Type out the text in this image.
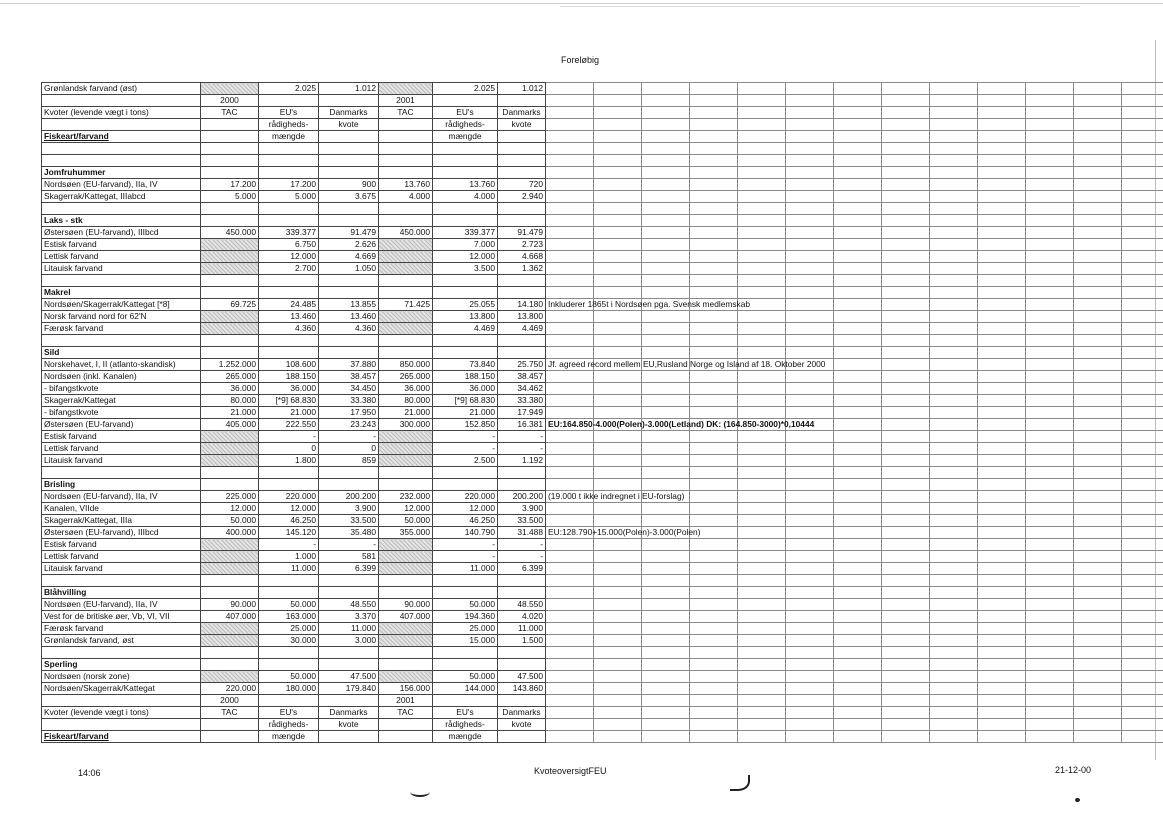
Foreløbig
Grønlandsk farvand (øst)		2.025	1.012		2.025	1.012														
	2000			2001																
Kvoter (levende vægt i tons)	TAC	EU's	Danmarks	TAC	EU's	Danmarks														
		rådigheds-	kvote		rådigheds-	kvote														
Fiskeart/farvand		mængde			mængde															

Jomfruhummer																				
Nordsøen (EU-farvand), IIa, IV	17.200	17.200	900	13.760	13.760	720														
Skagerrak/Kattegat, IIIabcd	5.000	5.000	3.675	4.000	4.000	2.940														

Laks - stk																				
Østersøen (EU-farvand), IIIbcd	450.000	339.377	91.479	450.000	339.377	91.479														
Estisk farvand		6.750	2.626		7.000	2.723														
Lettisk farvand		12.000	4.669		12.000	4.668														
Litauisk farvand		2.700	1.050		3.500	1.362														

Makrel																				
Nordsøen/Skagerrak/Kattegat [*8]	69.725	24.485	13.855	71.425	25.055	14.180	Inkluderer 1865t i Nordsøen pga. Svensk medlemskab													
Norsk farvand nord for 62'N		13.460	13.460		13.800	13.800														
Færøsk farvand		4.360	4.360		4.469	4.469														

Sild																				
Norskehavet, I, II (atlanto-skandisk)	1.252.000	108.600	37.880	850.000	73.840	25.750	Jf. agreed record mellem EU,Rusland Norge og Island af 18. Oktober 2000													
Nordsøen (inkl. Kanalen)	265.000	188.150	38.457	265.000	188.150	38.457														
- bifangstkvote	36.000	36.000	34.450	36.000	36.000	34.462														
Skagerrak/Kattegat	80.000	[*9] 68.830	33.380	80.000	[*9] 68.830	33.380														
- bifangstkvote	21.000	21.000	17.950	21.000	21.000	17.949														
Østersøen (EU-farvand)	405.000	222.550	23.243	300.000	152.850	16.381	EU:164.850-4.000(Polen)-3.000(Letland) DK: (164.850-3000)*0,10444													
Estisk farvand		-	-		-	-														
Lettisk farvand		0	0		-	-														
Litauisk farvand		1.800	859		2.500	1.192														

Brisling																				
Nordsøen (EU-farvand), IIa, IV	225.000	220.000	200.200	232.000	220.000	200.200	(19.000 t ikke indregnet i EU-forslag)													
Kanalen, VIIde	12.000	12.000	3.900	12.000	12.000	3.900														
Skagerrak/Kattegat, IIIa	50.000	46.250	33.500	50.000	46.250	33.500														
Østersøen (EU-farvand), IIIbcd	400.000	145.120	35.480	355.000	140.790	31.488	EU:128.790+15.000(Polen)-3.000(Polen)													
Estisk farvand		-	-		-	-														
Lettisk farvand		1.000	581		-	-														
Litauisk farvand		11.000	6.399		11.000	6.399														

Blåhvilling																				
Nordsøen (EU-farvand), IIa, IV	90.000	50.000	48.550	90.000	50.000	48.550														
Vest for de britiske øer, Vb, VI, VII	407.000	163.000	3.370	407.000	194.360	4.020														
Færøsk farvand		25.000	11.000		25.000	11.000														
Grønlandsk farvand, øst		30.000	3.000		15.000	1.500														

Sperling																				
Nordsøen (norsk zone)		50.000	47.500		50.000	47.500														
Nordsøen/Skagerrak/Kattegat	220.000	180.000	179.840	156.000	144.000	143.860														
	2000			2001																
Kvoter (levende vægt i tons)	TAC	EU's	Danmarks	TAC	EU's	Danmarks														
		rådigheds-	kvote		rådigheds-	kvote														
Fiskeart/farvand		mængde			mængde															
14:06	KvoteoversigtFEU	21-12-00
